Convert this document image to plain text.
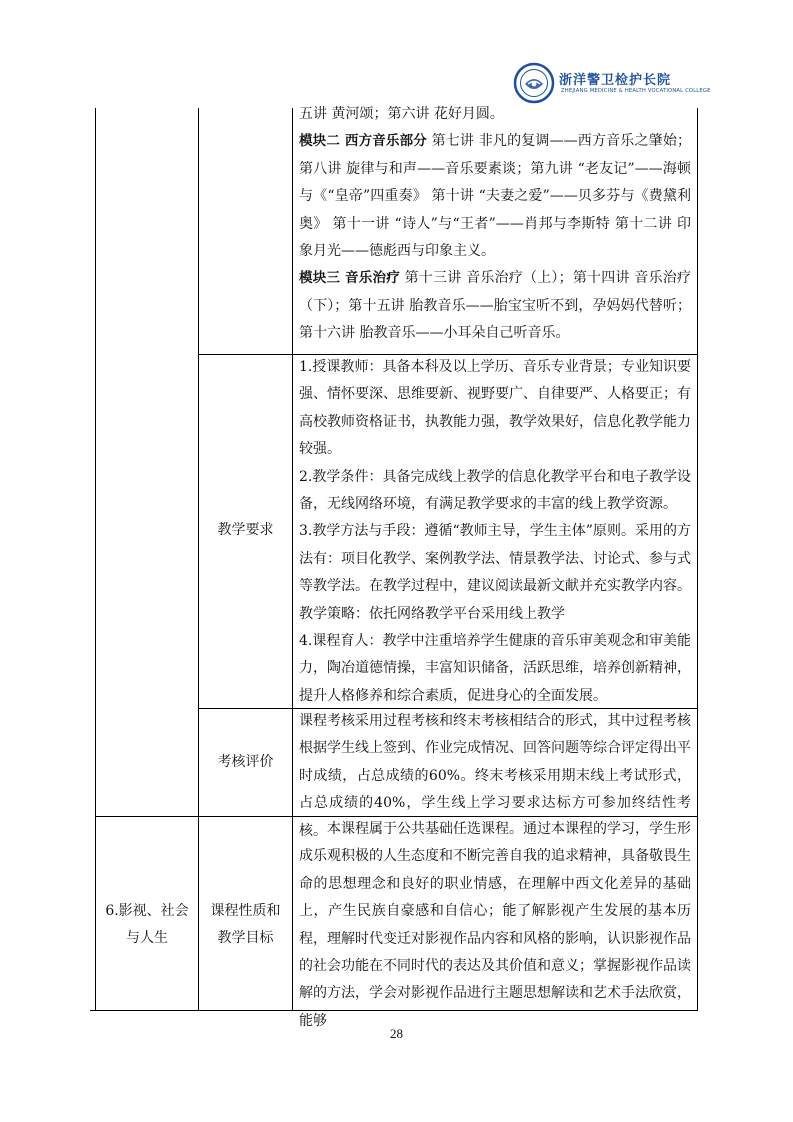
浙洋警卫检护长院
ZHEJIANG MEDICINE & HEALTH VOCATIONAL COLLEGE

五讲 黄河颂；第六讲 花好月圆。

模块二 西方音乐部分 第七讲 非凡的复调——西方音乐之肇始；第八讲 旋律与和声——音乐要素谈；第九讲 “老友记”——海顿与《“皇帝”四重奏》 第十讲 “夫妻之爱”——贝多芬与《费黛利奥》 第十一讲 “诗人”与“王者”——肖邦与李斯特 第十二讲 印象月光——德彪西与印象主义。

模块三 音乐治疗 第十三讲 音乐治疗（上）；第十四讲 音乐治疗（下）；第十五讲 胎教音乐——胎宝宝听不到，孕妈妈代替听；第十六讲 胎教音乐——小耳朵自己听音乐。

教学要求

1.授课教师：具备本科及以上学历、音乐专业背景；专业知识要强、情怀要深、思维要新、视野要广、自律要严、人格要正；有高校教师资格证书，执教能力强，教学效果好，信息化教学能力较强。

2.教学条件：具备完成线上教学的信息化教学平台和电子教学设备，无线网络环境，有满足教学要求的丰富的线上教学资源。

3.教学方法与手段：遵循“教师主导，学生主体”原则。采用的方法有：项目化教学、案例教学法、情景教学法、讨论式、参与式等教学法。在教学过程中，建议阅读最新文献并充实教学内容。

教学策略：依托网络教学平台采用线上教学

4.课程育人：教学中注重培养学生健康的音乐审美观念和审美能力，陶冶道德情操，丰富知识储备，活跃思维，培养创新精神，提升人格修养和综合素质，促进身心的全面发展。

考核评价
课程考核采用过程考核和终末考核相结合的形式，其中过程考核根据学生线上签到、作业完成情况、回答问题等综合评定得出平时成绩，占总成绩的60%。终末考核采用期末线上考试形式，占总成绩的40%，学生线上学习要求达标方可参加终结性考核。

6.影视、社会

与人生

课程性质和

教学目标

本课程属于公共基础任选课程。通过本课程的学习，学生形成乐观积极的人生态度和不断完善自我的追求精神，具备敬畏生命的思想理念和良好的职业情感，在理解中西文化差异的基础上，产生民族自豪感和自信心；能了解影视产生发展的基本历程，理解时代变迁对影视作品内容和风格的影响，认识影视作品的社会功能在不同时代的表达及其价值和意义；掌握影视作品读解的方法，学会对影视作品进行主题思想解读和艺术手法欣赏，能够

28
